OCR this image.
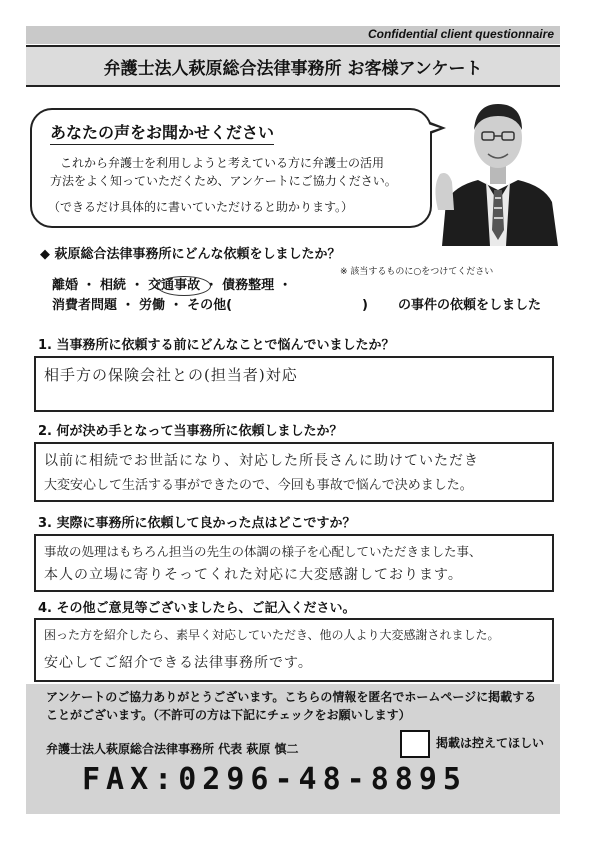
Confidential client questionnaire
弁護士法人萩原総合法律事務所 お客様アンケート
あなたの声をお聞かせください
これから弁護士を利用しようと考えている方に弁護士の活用
方法をよく知っていただくため、アンケートにご協力ください。
（できるだけ具体的に書いていただけると助かります。）
◆ 萩原総合法律事務所にどんな依頼をしましたか？
※ 該当するものに○をつけてください
離婚 ・ 相続 ・ 交通事故 ・ 債務整理 ・
消費者問題 ・ 労働 ・ その他(　　　　　　　　　　) の事件の依頼をしました
1. 当事務所に依頼する前にどんなことで悩んでいましたか？
相手方の保険会社との(担当者)対応
2. 何が決め手となって当事務所に依頼しましたか？
以前に相続でお世話になり、対応した所長さんに助けていただき
大変安心して生活する事ができたので、今回も事故で悩んで決めました。
3. 実際に事務所に依頼して良かった点はどこですか？
事故の処理はもちろん担当の先生の体調の様子を心配していただきました事、
本人の立場に寄りそってくれた対応に大変感謝しております。
4. その他ご意見等ございましたら、ご記入ください。
困った方を紹介したら、素早く対応していただき、他の人より大変感謝されました。
安心してご紹介できる法律事務所です。
アンケートのご協力ありがとうございます。こちらの情報を匿名でホームページに掲載する
ことがございます。（不許可の方は下記にチェックをお願いします）
弁護士法人萩原総合法律事務所 代表 萩原 慎二	掲載は控えてほしい
FAX:0296-48-8895
